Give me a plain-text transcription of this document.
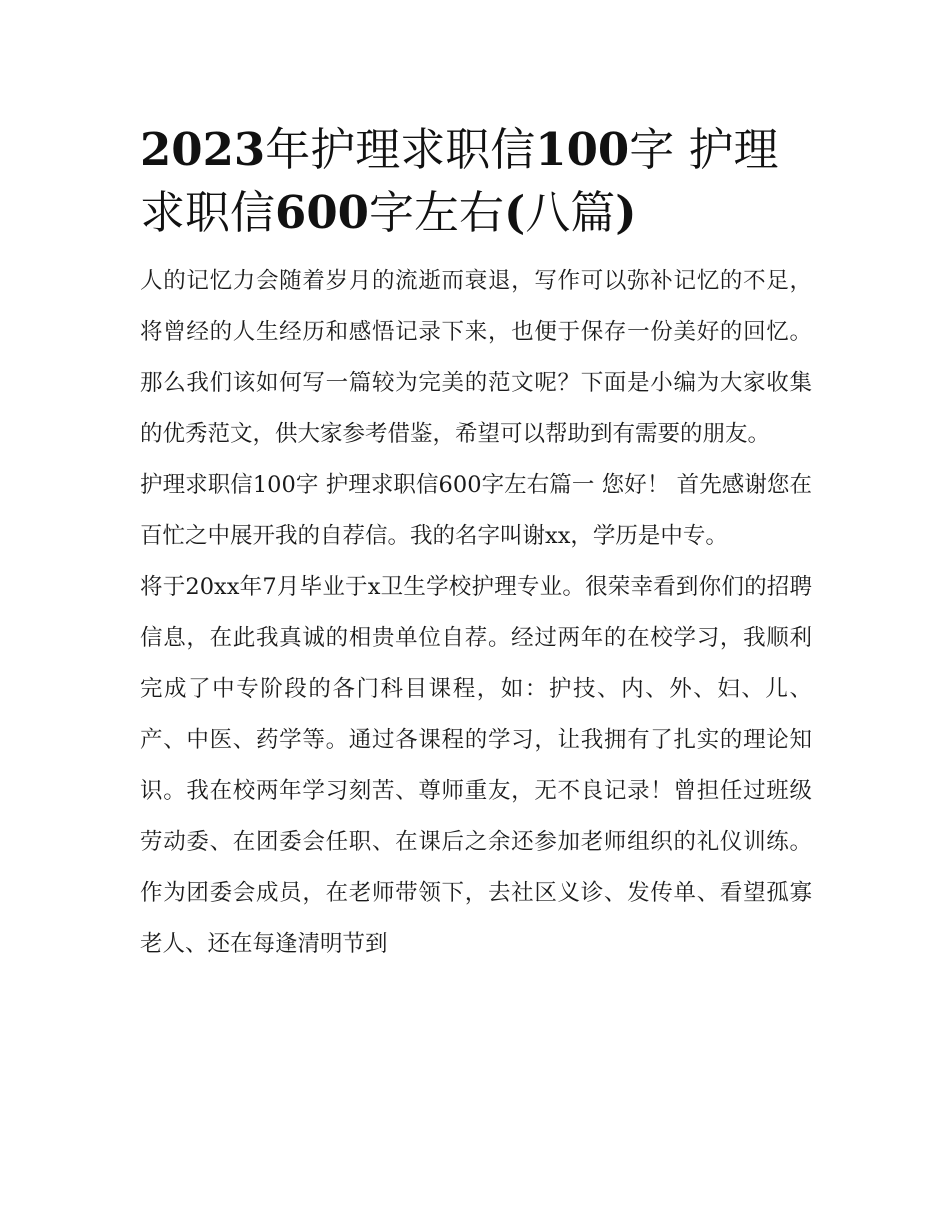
2023年护理求职信100字 护理求职信600字左右(八篇)

人的记忆力会随着岁月的流逝而衰退，写作可以弥补记忆的不足，将曾经的人生经历和感悟记录下来，也便于保存一份美好的回忆。那么我们该如何写一篇较为完美的范文呢？下面是小编为大家收集的优秀范文，供大家参考借鉴，希望可以帮助到有需要的朋友。

护理求职信100字 护理求职信600字左右篇一 您好！ 首先感谢您在百忙之中展开我的自荐信。我的名字叫谢xx，学历是中专。

将于20xx年7月毕业于x卫生学校护理专业。很荣幸看到你们的招聘信息，在此我真诚的相贵单位自荐。经过两年的在校学习，我顺利完成了中专阶段的各门科目课程，如：护技、内、外、妇、儿、产、中医、药学等。通过各课程的学习，让我拥有了扎实的理论知识。我在校两年学习刻苦、尊师重友，无不良记录！曾担任过班级劳动委、在团委会任职、在课后之余还参加老师组织的礼仪训练。作为团委会成员，在老师带领下，去社区义诊、发传单、看望孤寡老人、还在每逢清明节到
